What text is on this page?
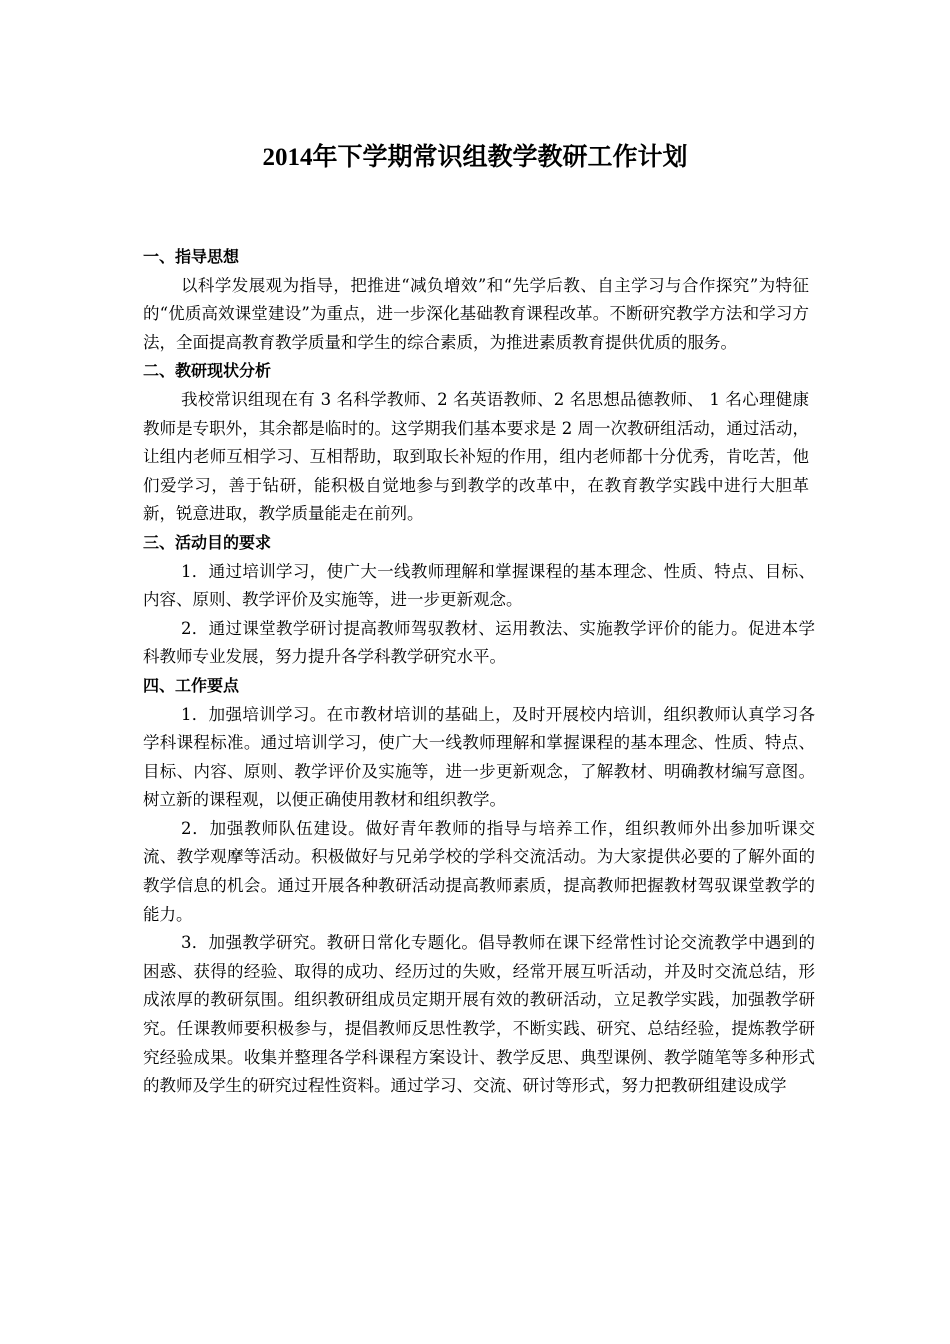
2014年下学期常识组教学教研工作计划

一、指导思想

以科学发展观为指导，把推进“减负增效”和“先学后教、自主学习与合作探究”为特征的“优质高效课堂建设”为重点，进一步深化基础教育课程改革。不断研究教学方法和学习方法，全面提高教育教学质量和学生的综合素质，为推进素质教育提供优质的服务。

二、教研现状分析

我校常识组现在有 3 名科学教师、2 名英语教师、2 名思想品德教师、 1 名心理健康教师是专职外，其余都是临时的。这学期我们基本要求是 2 周一次教研组活动，通过活动，让组内老师互相学习、互相帮助，取到取长补短的作用，组内老师都十分优秀，肯吃苦，他们爱学习，善于钻研，能积极自觉地参与到教学的改革中，在教育教学实践中进行大胆革新，锐意进取，教学质量能走在前列。

三、活动目的要求

1．通过培训学习，使广大一线教师理解和掌握课程的基本理念、性质、特点、目标、内容、原则、教学评价及实施等，进一步更新观念。

2．通过课堂教学研讨提高教师驾驭教材、运用教法、实施教学评价的能力。促进本学科教师专业发展，努力提升各学科教学研究水平。

四、工作要点

1．加强培训学习。在市教材培训的基础上，及时开展校内培训，组织教师认真学习各学科课程标准。通过培训学习，使广大一线教师理解和掌握课程的基本理念、性质、特点、目标、内容、原则、教学评价及实施等，进一步更新观念，了解教材、明确教材编写意图。树立新的课程观，以便正确使用教材和组织教学。

2．加强教师队伍建设。做好青年教师的指导与培养工作，组织教师外出参加听课交流、教学观摩等活动。积极做好与兄弟学校的学科交流活动。为大家提供必要的了解外面的教学信息的机会。通过开展各种教研活动提高教师素质，提高教师把握教材驾驭课堂教学的能力。

3．加强教学研究。教研日常化专题化。倡导教师在课下经常性讨论交流教学中遇到的困惑、获得的经验、取得的成功、经历过的失败，经常开展互听活动，并及时交流总结，形成浓厚的教研氛围。组织教研组成员定期开展有效的教研活动，立足教学实践，加强教学研究。任课教师要积极参与，提倡教师反思性教学，不断实践、研究、总结经验，提炼教学研究经验成果。收集并整理各学科课程方案设计、教学反思、典型课例、教学随笔等多种形式的教师及学生的研究过程性资料。通过学习、交流、研讨等形式，努力把教研组建设成学
